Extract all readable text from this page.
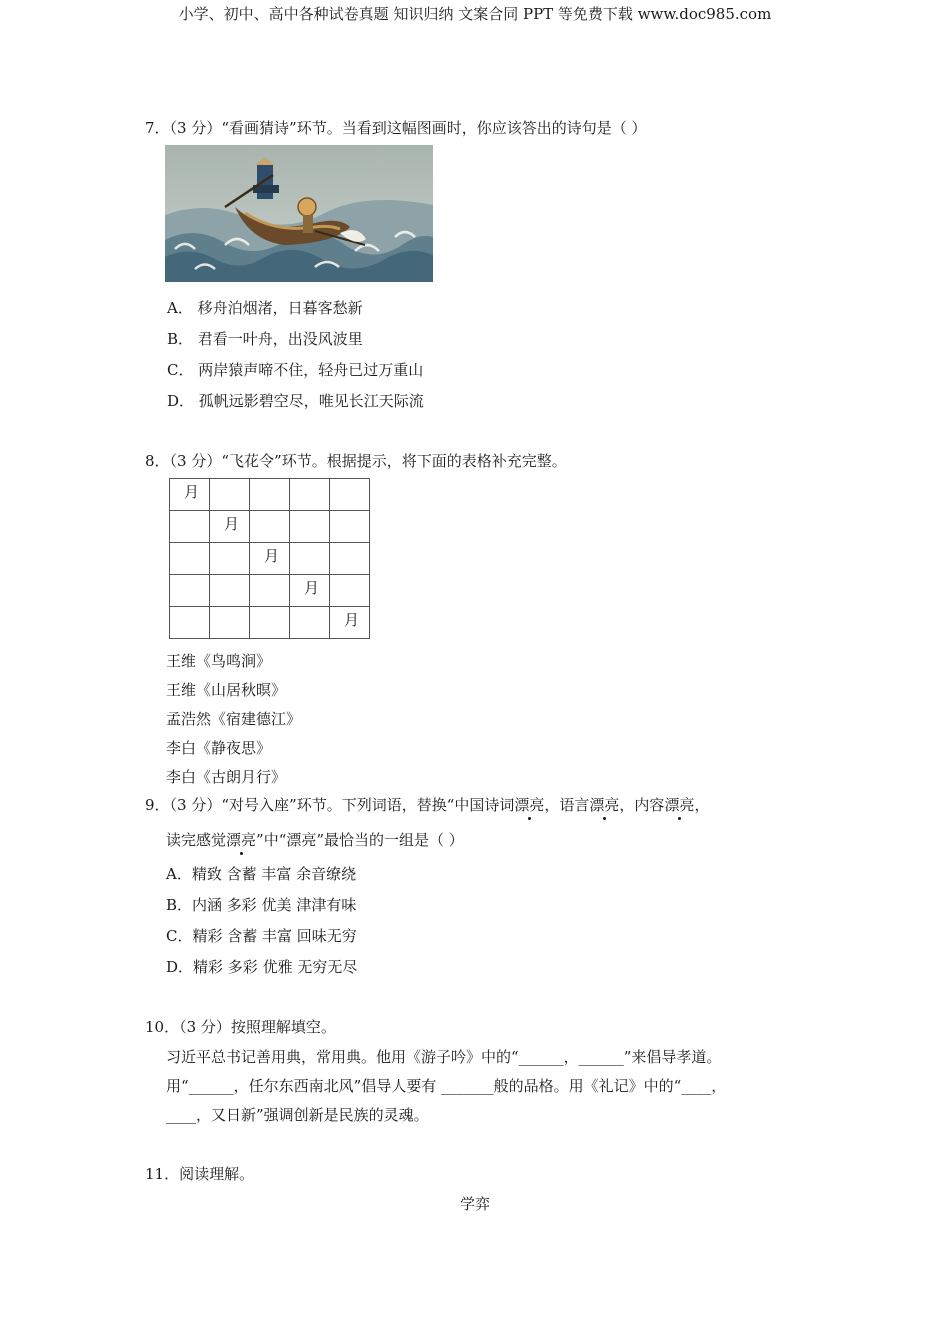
小学、初中、高中各种试卷真题 知识归纳 文案合同 PPT 等免费下载 www.doc985.com
7．（3 分）“看画猜诗”环节。当看到这幅图画时，你应该答出的诗句是（ ）
A． 移舟泊烟渚，日暮客愁新
B． 君看一叶舟，出没风波里
C． 两岸猿声啼不住，轻舟已过万重山
D． 孤帆远影碧空尽，唯见长江天际流
8．（3 分）“飞花令”环节。根据提示，将下面的表格补充完整。
月				
	月			
		月		
			月	
				月
王维《鸟鸣涧》
王维《山居秋暝》
孟浩然《宿建德江》
李白《静夜思》
李白《古朗月行》
9．（3 分）“对号入座”环节。下列词语，替换“中国诗词漂亮，语言漂亮，内容漂亮，
读完感觉漂亮”中“漂亮”最恰当的一组是（ ）
A．精致 含蓄 丰富 余音缭绕
B．内涵 多彩 优美 津津有味
C．精彩 含蓄 丰富 回味无穷
D．精彩 多彩 优雅 无穷无尽
10．（3 分）按照理解填空。
习近平总书记善用典，常用典。他用《游子吟》中的“______，______”来倡导孝道。
用“______，任尔东西南北风”倡导人要有 _______般的品格。用《礼记》中的“____，
____，又日新”强调创新是民族的灵魂。
11．阅读理解。
学弈
